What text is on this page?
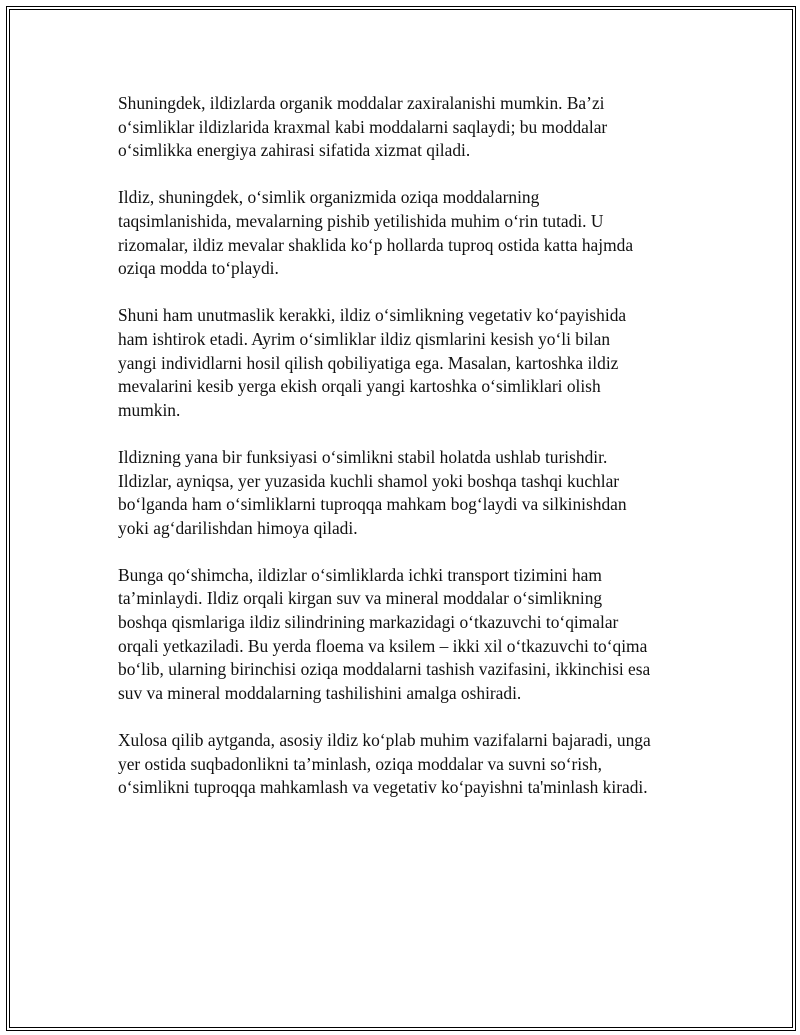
Shuningdek, ildizlarda organik moddalar zaxiralanishi mumkin. Ba’zi
o‘simliklar ildizlarida kraxmal kabi moddalarni saqlaydi; bu moddalar
o‘simlikka energiya zahirasi sifatida xizmat qiladi.

Ildiz, shuningdek, o‘simlik organizmida oziqa moddalarning
taqsimlanishida, mevalarning pishib yetilishida muhim o‘rin tutadi. U
rizomalar, ildiz mevalar shaklida ko‘p hollarda tuproq ostida katta hajmda
oziqa modda to‘playdi.

Shuni ham unutmaslik kerakki, ildiz o‘simlikning vegetativ ko‘payishida
ham ishtirok etadi. Ayrim o‘simliklar ildiz qismlarini kesish yo‘li bilan
yangi individlarni hosil qilish qobiliyatiga ega. Masalan, kartoshka ildiz
mevalarini kesib yerga ekish orqali yangi kartoshka o‘simliklari olish
mumkin.

Ildizning yana bir funksiyasi o‘simlikni stabil holatda ushlab turishdir.
Ildizlar, ayniqsa, yer yuzasida kuchli shamol yoki boshqa tashqi kuchlar
bo‘lganda ham o‘simliklarni tuproqqa mahkam bog‘laydi va silkinishdan
yoki ag‘darilishdan himoya qiladi.

Bunga qo‘shimcha, ildizlar o‘simliklarda ichki transport tizimini ham
ta’minlaydi. Ildiz orqali kirgan suv va mineral moddalar o‘simlikning
boshqa qismlariga ildiz silindrining markazidagi o‘tkazuvchi to‘qimalar
orqali yetkaziladi. Bu yerda floema va ksilem – ikki xil o‘tkazuvchi to‘qima
bo‘lib, ularning birinchisi oziqa moddalarni tashish vazifasini, ikkinchisi esa
suv va mineral moddalarning tashilishini amalga oshiradi.

Xulosa qilib aytganda, asosiy ildiz ko‘plab muhim vazifalarni bajaradi, unga
yer ostida suqbadonlikni ta’minlash, oziqa moddalar va suvni so‘rish,
o‘simlikni tuproqqa mahkamlash va vegetativ ko‘payishni ta'minlash kiradi.
